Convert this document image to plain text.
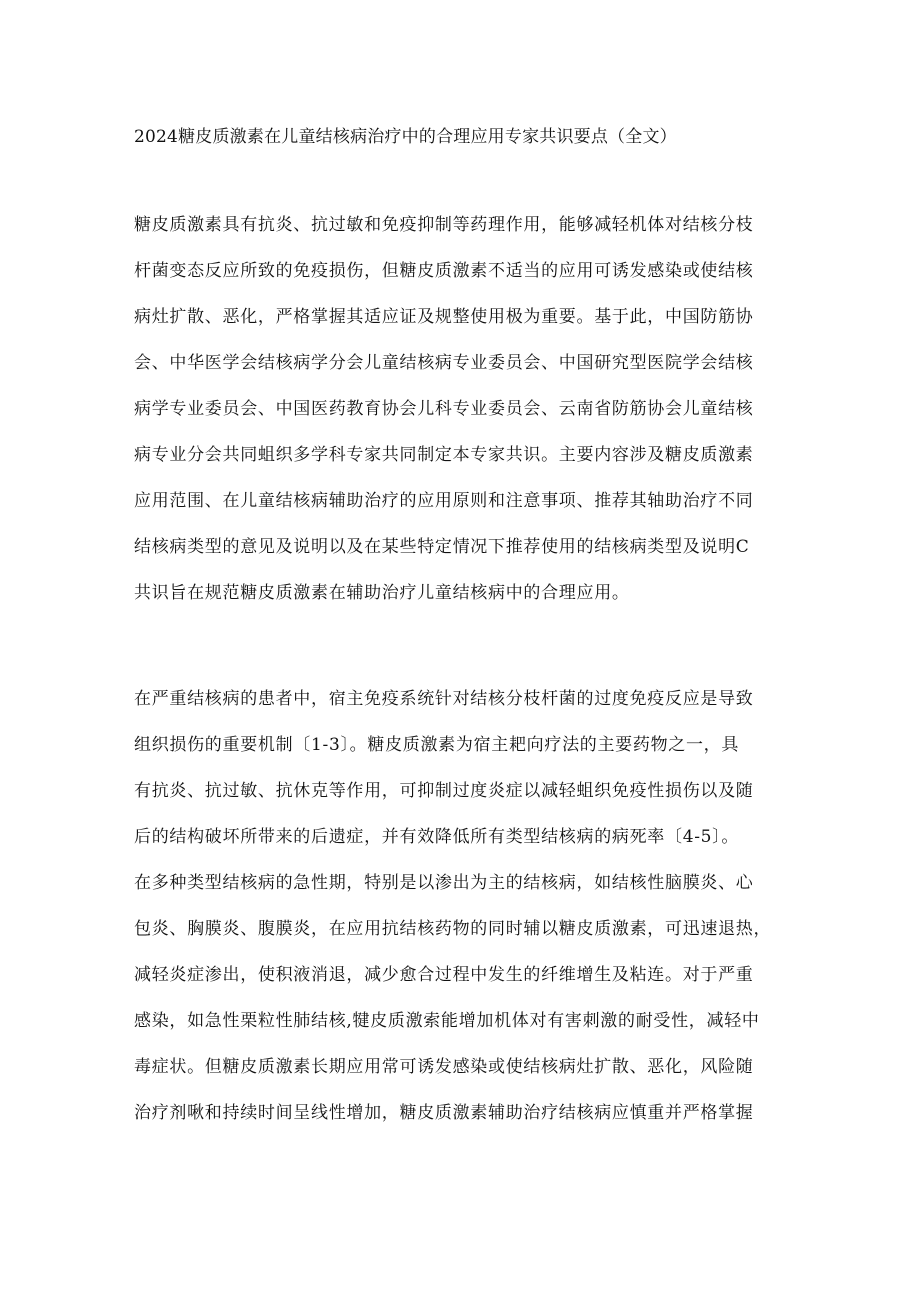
2024糖皮质激素在儿童结核病治疗中的合理应用专家共识要点（全文）
糖皮质激素具有抗炎、抗过敏和免疫抑制等药理作用，能够减轻机体对结核分枝
杆菌变态反应所致的免疫损伤，但糖皮质激素不适当的应用可诱发感染或使结核
病灶扩散、恶化，严格掌握其适应证及规整使用极为重要。基于此，中国防筋协
会、中华医学会结核病学分会儿童结核病专业委员会、中国研究型医院学会结核
病学专业委员会、中国医药教育协会儿科专业委员会、云南省防筋协会儿童结核
病专业分会共同蛆织多学科专家共同制定本专家共识。主要内容涉及糖皮质激素
应用范围、在儿童结核病辅助治疗的应用原则和注意事项、推荐其轴助治疗不同
结核病类型的意见及说明以及在某些特定情况下推荐使用的结核病类型及说明C
共识旨在规范糖皮质激素在辅助治疗儿童结核病中的合理应用。
在严重结核病的患者中，宿主免疫系统针对结核分枝杆菌的过度免疫反应是导致
组织损伤的重要机制〔1-3〕。糖皮质激素为宿主耙向疗法的主要药物之一，具
有抗炎、抗过敏、抗休克等作用，可抑制过度炎症以减轻蛆织免疫性损伤以及随
后的结构破坏所带来的后遗症，并有效降低所有类型结核病的病死率〔4-5〕。
在多种类型结核病的急性期，特别是以渗出为主的结核病，如结核性脑膜炎、心
包炎、胸膜炎、腹膜炎，在应用抗结核药物的同时辅以糖皮质激素，可迅速退热，
减轻炎症渗出，使积液消退，减少愈合过程中发生的纤维增生及粘连。对于严重
感染，如急性栗粒性肺结核,犍皮质激索能增加机体对有害刺激的耐受性，减轻中
毒症状。但糖皮质激素长期应用常可诱发感染或使结核病灶扩散、恶化，风险随
治疗剂啾和持续时间呈线性增加，糖皮质激素辅助治疗结核病应慎重并严格掌握
